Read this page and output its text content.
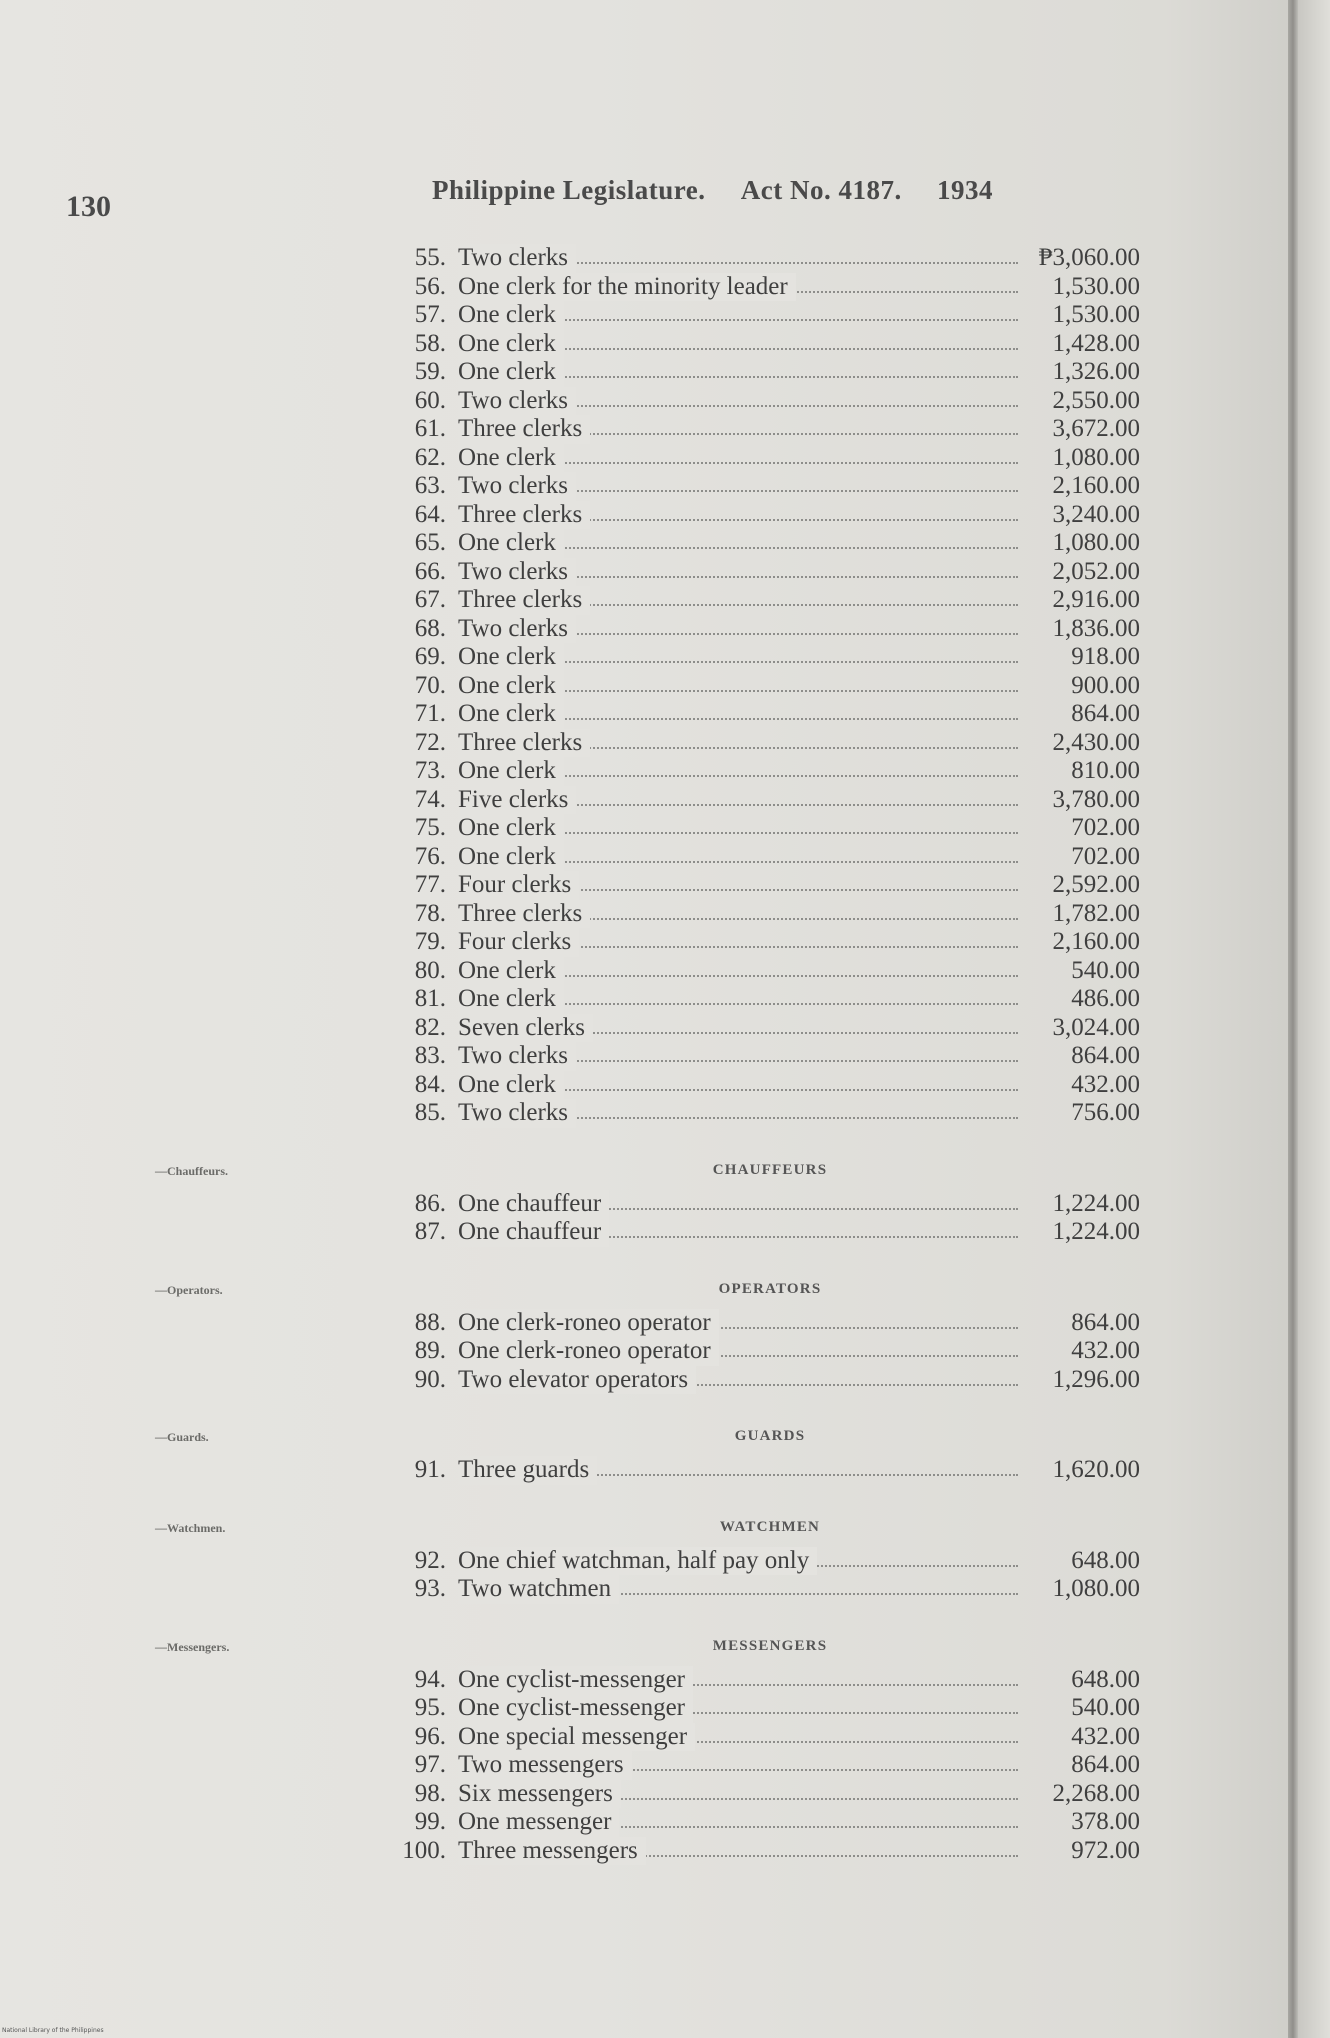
130	Philippine Legislature. Act No. 4187. 1934
55. Two clerks	₱3,060.00
56. One clerk for the minority leader	1,530.00
57. One clerk	1,530.00
58. One clerk	1,428.00
59. One clerk	1,326.00
60. Two clerks	2,550.00
61. Three clerks	3,672.00
62. One clerk	1,080.00
63. Two clerks	2,160.00
64. Three clerks	3,240.00
65. One clerk	1,080.00
66. Two clerks	2,052.00
67. Three clerks	2,916.00
68. Two clerks	1,836.00
69. One clerk	918.00
70. One clerk	900.00
71. One clerk	864.00
72. Three clerks	2,430.00
73. One clerk	810.00
74. Five clerks	3,780.00
75. One clerk	702.00
76. One clerk	702.00
77. Four clerks	2,592.00
78. Three clerks	1,782.00
79. Four clerks	2,160.00
80. One clerk	540.00
81. One clerk	486.00
82. Seven clerks	3,024.00
83. Two clerks	864.00
84. One clerk	432.00
85. Two clerks	756.00
CHAUFFEURS
86. One chauffeur	1,224.00
87. One chauffeur	1,224.00
OPERATORS
88. One clerk-roneo operator	864.00
89. One clerk-roneo operator	432.00
90. Two elevator operators	1,296.00
GUARDS
91. Three guards	1,620.00
WATCHMEN
92. One chief watchman, half pay only	648.00
93. Two watchmen	1,080.00
MESSENGERS
94. One cyclist-messenger	648.00
95. One cyclist-messenger	540.00
96. One special messenger	432.00
97. Two messengers	864.00
98. Six messengers	2,268.00
99. One messenger	378.00
100. Three messengers	972.00
—Chauffeurs.
—Operators.
—Guards.
—Watchmen.
—Messengers.
National Library of the Philippines
